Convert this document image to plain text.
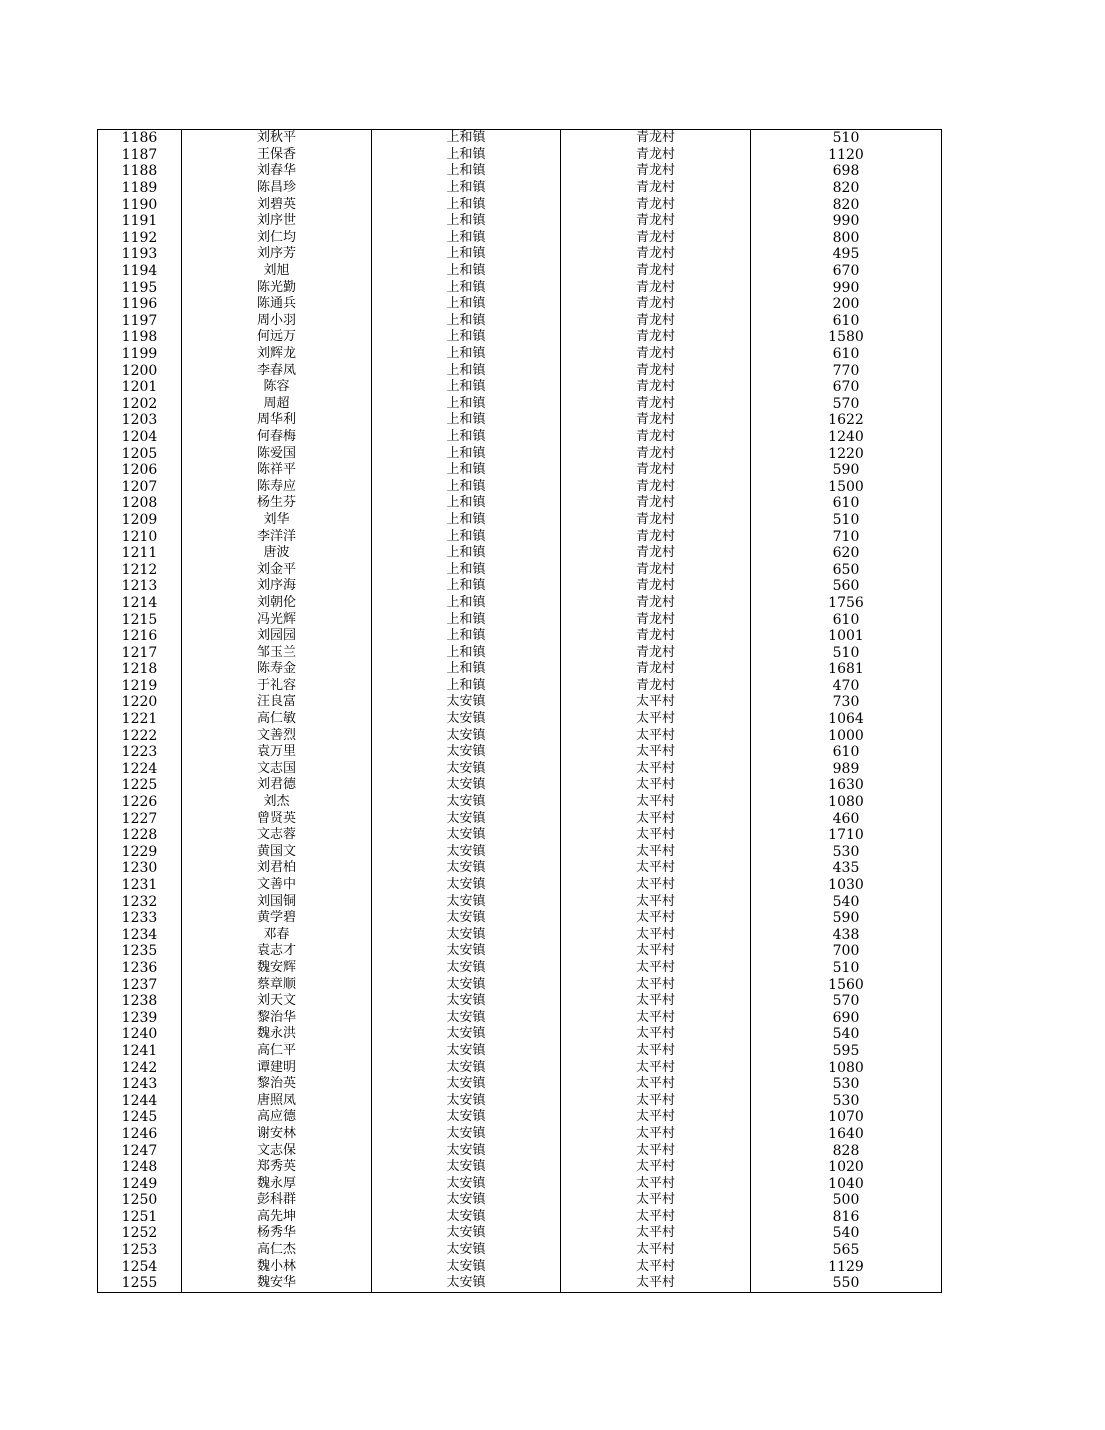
1186	刘秋平	上和镇	青龙村	510
1187	王保香	上和镇	青龙村	1120
1188	刘春华	上和镇	青龙村	698
1189	陈昌珍	上和镇	青龙村	820
1190	刘碧英	上和镇	青龙村	820
1191	刘序世	上和镇	青龙村	990
1192	刘仁均	上和镇	青龙村	800
1193	刘序芳	上和镇	青龙村	495
1194	刘旭	上和镇	青龙村	670
1195	陈光勤	上和镇	青龙村	990
1196	陈通兵	上和镇	青龙村	200
1197	周小羽	上和镇	青龙村	610
1198	何远万	上和镇	青龙村	1580
1199	刘辉龙	上和镇	青龙村	610
1200	李春凤	上和镇	青龙村	770
1201	陈容	上和镇	青龙村	670
1202	周超	上和镇	青龙村	570
1203	周华利	上和镇	青龙村	1622
1204	何春梅	上和镇	青龙村	1240
1205	陈爱国	上和镇	青龙村	1220
1206	陈祥平	上和镇	青龙村	590
1207	陈寿应	上和镇	青龙村	1500
1208	杨生芬	上和镇	青龙村	610
1209	刘华	上和镇	青龙村	510
1210	李洋洋	上和镇	青龙村	710
1211	唐波	上和镇	青龙村	620
1212	刘金平	上和镇	青龙村	650
1213	刘序海	上和镇	青龙村	560
1214	刘朝伦	上和镇	青龙村	1756
1215	冯光辉	上和镇	青龙村	610
1216	刘园园	上和镇	青龙村	1001
1217	邹玉兰	上和镇	青龙村	510
1218	陈寿金	上和镇	青龙村	1681
1219	于礼容	上和镇	青龙村	470
1220	汪良富	太安镇	太平村	730
1221	高仁敏	太安镇	太平村	1064
1222	文善烈	太安镇	太平村	1000
1223	袁万里	太安镇	太平村	610
1224	文志国	太安镇	太平村	989
1225	刘君德	太安镇	太平村	1630
1226	刘杰	太安镇	太平村	1080
1227	曾贤英	太安镇	太平村	460
1228	文志蓉	太安镇	太平村	1710
1229	黄国文	太安镇	太平村	530
1230	刘君柏	太安镇	太平村	435
1231	文善中	太安镇	太平村	1030
1232	刘国铜	太安镇	太平村	540
1233	黄学碧	太安镇	太平村	590
1234	邓春	太安镇	太平村	438
1235	袁志才	太安镇	太平村	700
1236	魏安辉	太安镇	太平村	510
1237	蔡章顺	太安镇	太平村	1560
1238	刘天文	太安镇	太平村	570
1239	黎治华	太安镇	太平村	690
1240	魏永洪	太安镇	太平村	540
1241	高仁平	太安镇	太平村	595
1242	谭建明	太安镇	太平村	1080
1243	黎治英	太安镇	太平村	530
1244	唐照凤	太安镇	太平村	530
1245	高应德	太安镇	太平村	1070
1246	谢安林	太安镇	太平村	1640
1247	文志保	太安镇	太平村	828
1248	郑秀英	太安镇	太平村	1020
1249	魏永厚	太安镇	太平村	1040
1250	彭科群	太安镇	太平村	500
1251	高先坤	太安镇	太平村	816
1252	杨秀华	太安镇	太平村	540
1253	高仁杰	太安镇	太平村	565
1254	魏小林	太安镇	太平村	1129
1255	魏安华	太安镇	太平村	550
